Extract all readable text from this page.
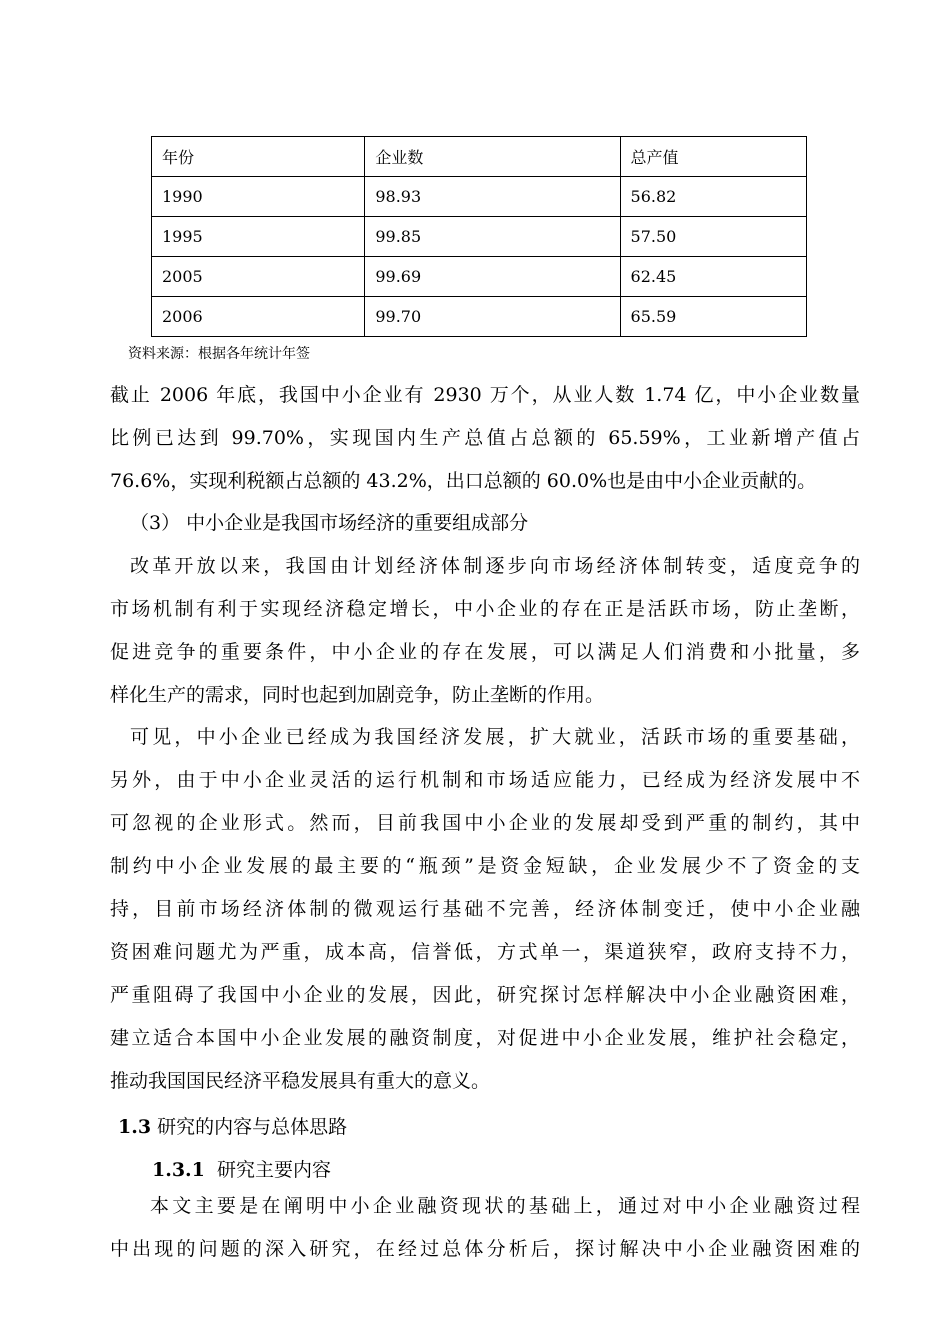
年份	企业数	总产值
1990	98.93	56.82
1995	99.85	57.50
2005	99.69	62.45
2006	99.70	65.59
资料来源：根据各年统计年签
截止 2006 年底，我国中小企业有 2930 万个，从业人数 1.74 亿，中小企业数量
比例已达到 99.70%，实现国内生产总值占总额的 65.59%，工业新增产值占
76.6%，实现利税额占总额的 43.2%，出口总额的 60.0%也是由中小企业贡献的。
（3） 中小企业是我国市场经济的重要组成部分
改革开放以来，我国由计划经济体制逐步向市场经济体制转变，适度竞争的
市场机制有利于实现经济稳定增长，中小企业的存在正是活跃市场，防止垄断，
促进竞争的重要条件，中小企业的存在发展，可以满足人们消费和小批量，多
样化生产的需求，同时也起到加剧竞争，防止垄断的作用。
可见，中小企业已经成为我国经济发展，扩大就业，活跃市场的重要基础，
另外，由于中小企业灵活的运行机制和市场适应能力，已经成为经济发展中不
可忽视的企业形式。然而，目前我国中小企业的发展却受到严重的制约，其中
制约中小企业发展的最主要的“瓶颈”是资金短缺，企业发展少不了资金的支
持，目前市场经济体制的微观运行基础不完善，经济体制变迁，使中小企业融
资困难问题尤为严重，成本高，信誉低，方式单一，渠道狭窄，政府支持不力，
严重阻碍了我国中小企业的发展，因此，研究探讨怎样解决中小企业融资困难，
建立适合本国中小企业发展的融资制度，对促进中小企业发展，维护社会稳定，
推动我国国民经济平稳发展具有重大的意义。
1.3 研究的内容与总体思路
1.3.1  研究主要内容
本文主要是在阐明中小企业融资现状的基础上，通过对中小企业融资过程
中出现的问题的深入研究，在经过总体分析后，探讨解决中小企业融资困难的
